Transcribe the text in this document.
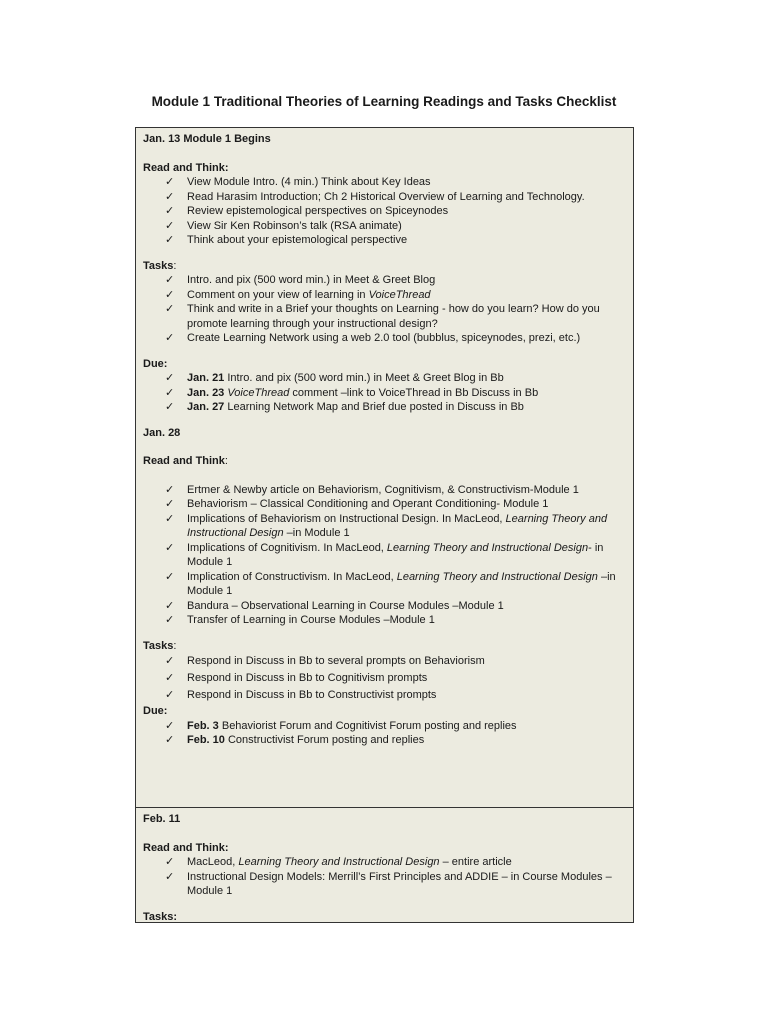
Module 1 Traditional Theories of Learning Readings and Tasks Checklist
Jan. 13 Module 1 Begins
Read and Think:
✓ View Module Intro. (4 min.) Think about Key Ideas
✓ Read Harasim Introduction; Ch 2 Historical Overview of Learning and Technology.
✓ Review epistemological perspectives on Spiceynodes
✓ View Sir Ken Robinson’s talk (RSA animate)
✓ Think about your epistemological perspective
Tasks:
✓ Intro. and pix (500 word min.) in Meet & Greet Blog
✓ Comment on your view of learning in VoiceThread
✓ Think and write in a Brief your thoughts on Learning - how do you learn? How do you promote learning through your instructional design?
✓ Create Learning Network using a web 2.0 tool (bubblus, spiceynodes, prezi, etc.)
Due:
✓ Jan. 21 Intro. and pix (500 word min.) in Meet & Greet Blog in Bb
✓ Jan. 23 VoiceThread comment –link to VoiceThread in Bb Discuss in Bb
✓ Jan. 27 Learning Network Map and Brief due posted in Discuss in Bb
Jan. 28
Read and Think:
✓ Ertmer & Newby article on Behaviorism, Cognitivism, & Constructivism-Module 1
✓ Behaviorism – Classical Conditioning and Operant Conditioning- Module 1
✓ Implications of Behaviorism on Instructional Design. In MacLeod, Learning Theory and Instructional Design –in Module 1
✓ Implications of Cognitivism. In MacLeod, Learning Theory and Instructional Design- in Module 1
✓ Implication of Constructivism. In MacLeod, Learning Theory and Instructional Design –in Module 1
✓ Bandura – Observational Learning in Course Modules –Module 1
✓ Transfer of Learning in Course Modules –Module 1
Tasks:
✓ Respond in Discuss in Bb to several prompts on Behaviorism
✓ Respond in Discuss in Bb to Cognitivism prompts
✓ Respond in Discuss in Bb to Constructivist prompts
Due:
✓ Feb. 3 Behaviorist Forum and Cognitivist Forum posting and replies
✓ Feb. 10 Constructivist Forum posting and replies
Feb. 11
Read and Think:
✓ MacLeod, Learning Theory and Instructional Design – entire article
✓ Instructional Design Models: Merrill’s First Principles and ADDIE – in Course Modules –Module 1
Tasks:
